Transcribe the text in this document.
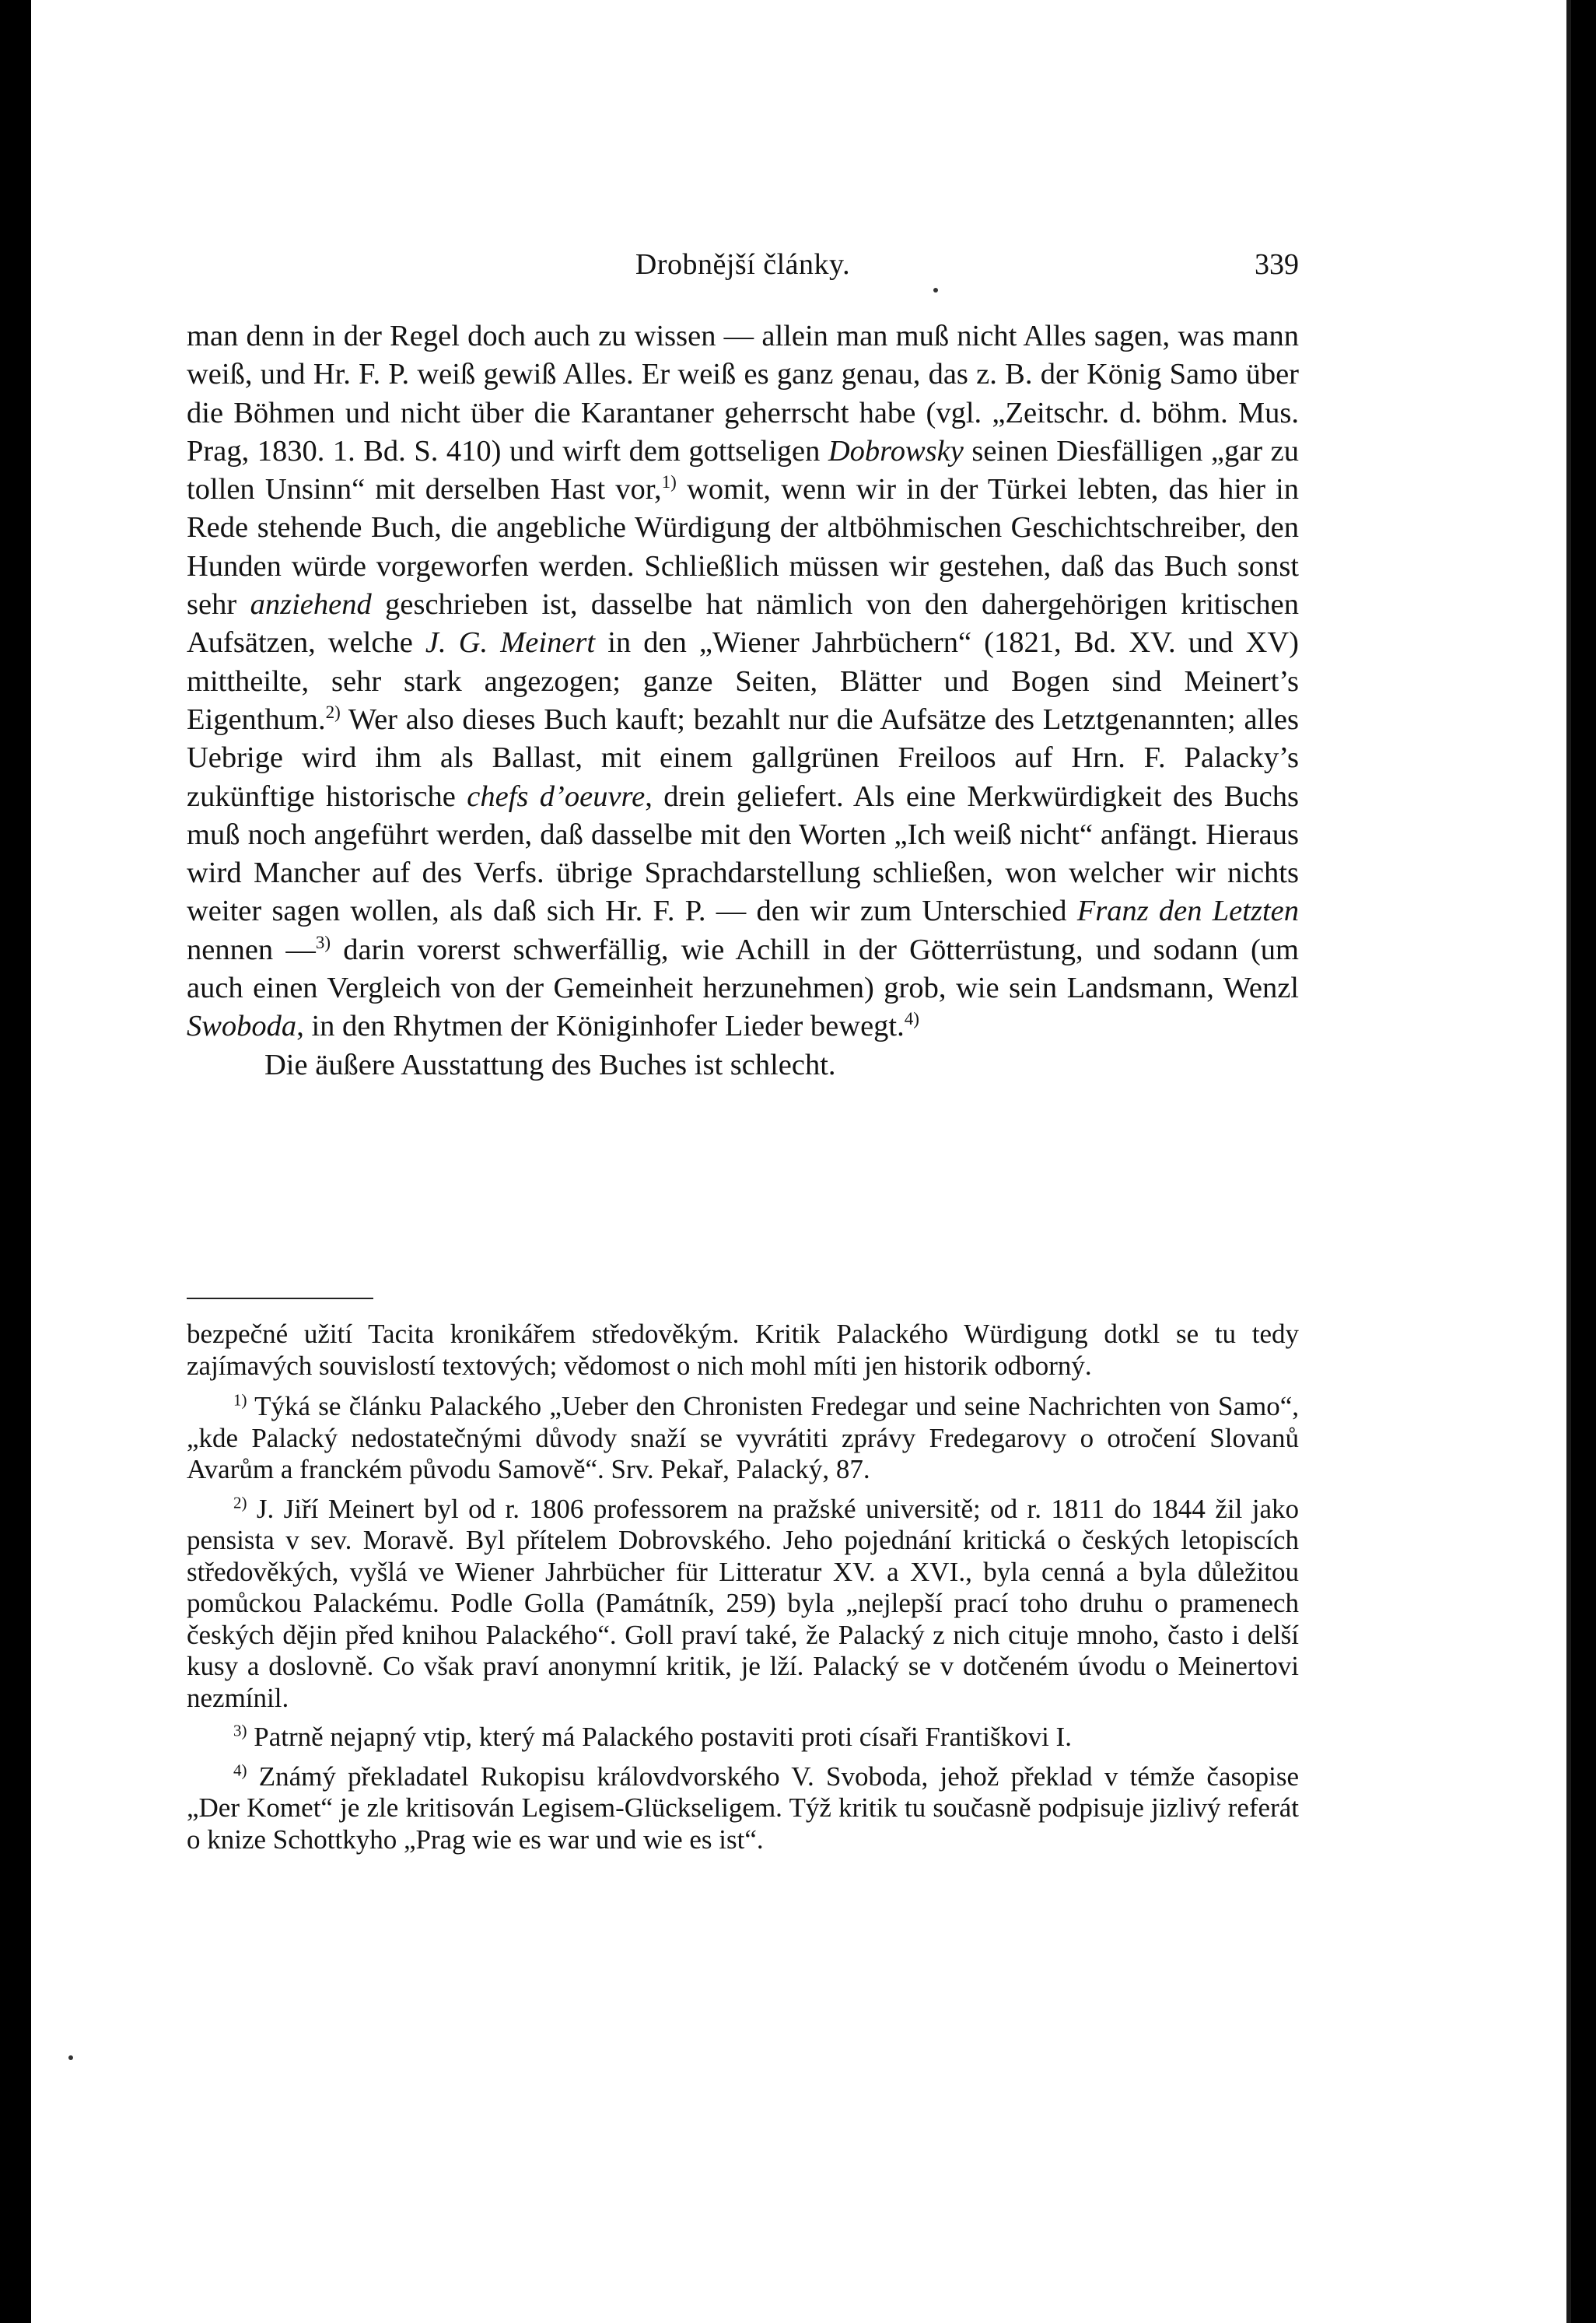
Drobnější články.	339

man denn in der Regel doch auch zu wissen — allein man muß nicht Alles sagen, was mann weiß, und Hr. F. P. weiß gewiß Alles. Er weiß es ganz genau, das z. B. der König Samo über die Böhmen und nicht über die Karantaner geherrscht habe (vgl. „Zeitschr. d. böhm. Mus. Prag, 1830. 1. Bd. S. 410) und wirft dem gottseligen Dobrowsky seinen Diesfälligen „gar zu tollen Unsinn“ mit derselben Hast vor,$^{1)}$ womit, wenn wir in der Türkei lebten, das hier in Rede stehende Buch, die angebliche Würdigung der altböhmischen Geschichtschreiber, den Hunden würde vorgeworfen werden. Schließlich müssen wir gestehen, daß das Buch sonst sehr anziehend geschrieben ist, dasselbe hat nämlich von den dahergehörigen kritischen Aufsätzen, welche J. G. Meinert in den „Wiener Jahrbüchern“ (1821, Bd. XV. und XV) mittheilte, sehr stark angezogen; ganze Seiten, Blätter und Bogen sind Meinert’s Eigenthum.$^{2)}$ Wer also dieses Buch kauft; bezahlt nur die Aufsätze des Letztgenannten; alles Uebrige wird ihm als Ballast, mit einem gallgrünen Freiloos auf Hrn. F. Palacky’s zukünftige historische chefs d’oeuvre, drein geliefert. Als eine Merkwürdigkeit des Buchs muß noch angeführt werden, daß dasselbe mit den Worten „Ich weiß nicht“ anfängt. Hieraus wird Mancher auf des Verfs. übrige Sprachdarstellung schließen, won welcher wir nichts weiter sagen wollen, als daß sich Hr. F. P. — den wir zum Unterschied Franz den Letzten nennen —$^{3)}$ darin vorerst schwerfällig, wie Achill in der Götterrüstung, und sodann (um auch einen Vergleich von der Gemeinheit herzunehmen) grob, wie sein Landsmann, Wenzl Swoboda, in den Rhytmen der Königinhofer Lieder bewegt.$^{4)}$

Die äußere Ausstattung des Buches ist schlecht.

bezpečné užití Tacita kronikářem středověkým. Kritik Palackého Würdigung dotkl se tu tedy zajímavých souvislostí textových; vědomost o nich mohl míti jen historik odborný.

$^{1)}$ Týká se článku Palackého „Ueber den Chronisten Fredegar und seine Nachrichten von Samo“, „kde Palacký nedostatečnými důvody snaží se vyvrátiti zprávy Fredegarovy o otročení Slovanů Avarům a franckém původu Samově“. Srv. Pekař, Palacký, 87.

$^{2)}$ J. Jiří Meinert byl od r. 1806 professorem na pražské universitě; od r. 1811 do 1844 žil jako pensista v sev. Moravě. Byl přítelem Dobrovského. Jeho pojednání kritická o českých letopiscích středověkých, vyšlá ve Wiener Jahrbücher für Litteratur XV. a XVI., byla cenná a byla důležitou pomůckou Palackému. Podle Golla (Památník, 259) byla „nejlepší prací toho druhu o pramenech českých dějin před knihou Palackého“. Goll praví také, že Palacký z nich cituje mnoho, často i delší kusy a doslovně. Co však praví anonymní kritik, je lží. Palacký se v dotčeném úvodu o Meinertovi nezmínil.

$^{3)}$ Patrně nejapný vtip, který má Palackého postaviti proti císaři Františkovi I.

$^{4)}$ Známý překladatel Rukopisu královdvorského V. Svoboda, jehož překlad v témže časopise „Der Komet“ je zle kritisován Legisem-Glückseligem. Týž kritik tu současně podpisuje jizlivý referát o knize Schottkyho „Prag wie es war und wie es ist“.
